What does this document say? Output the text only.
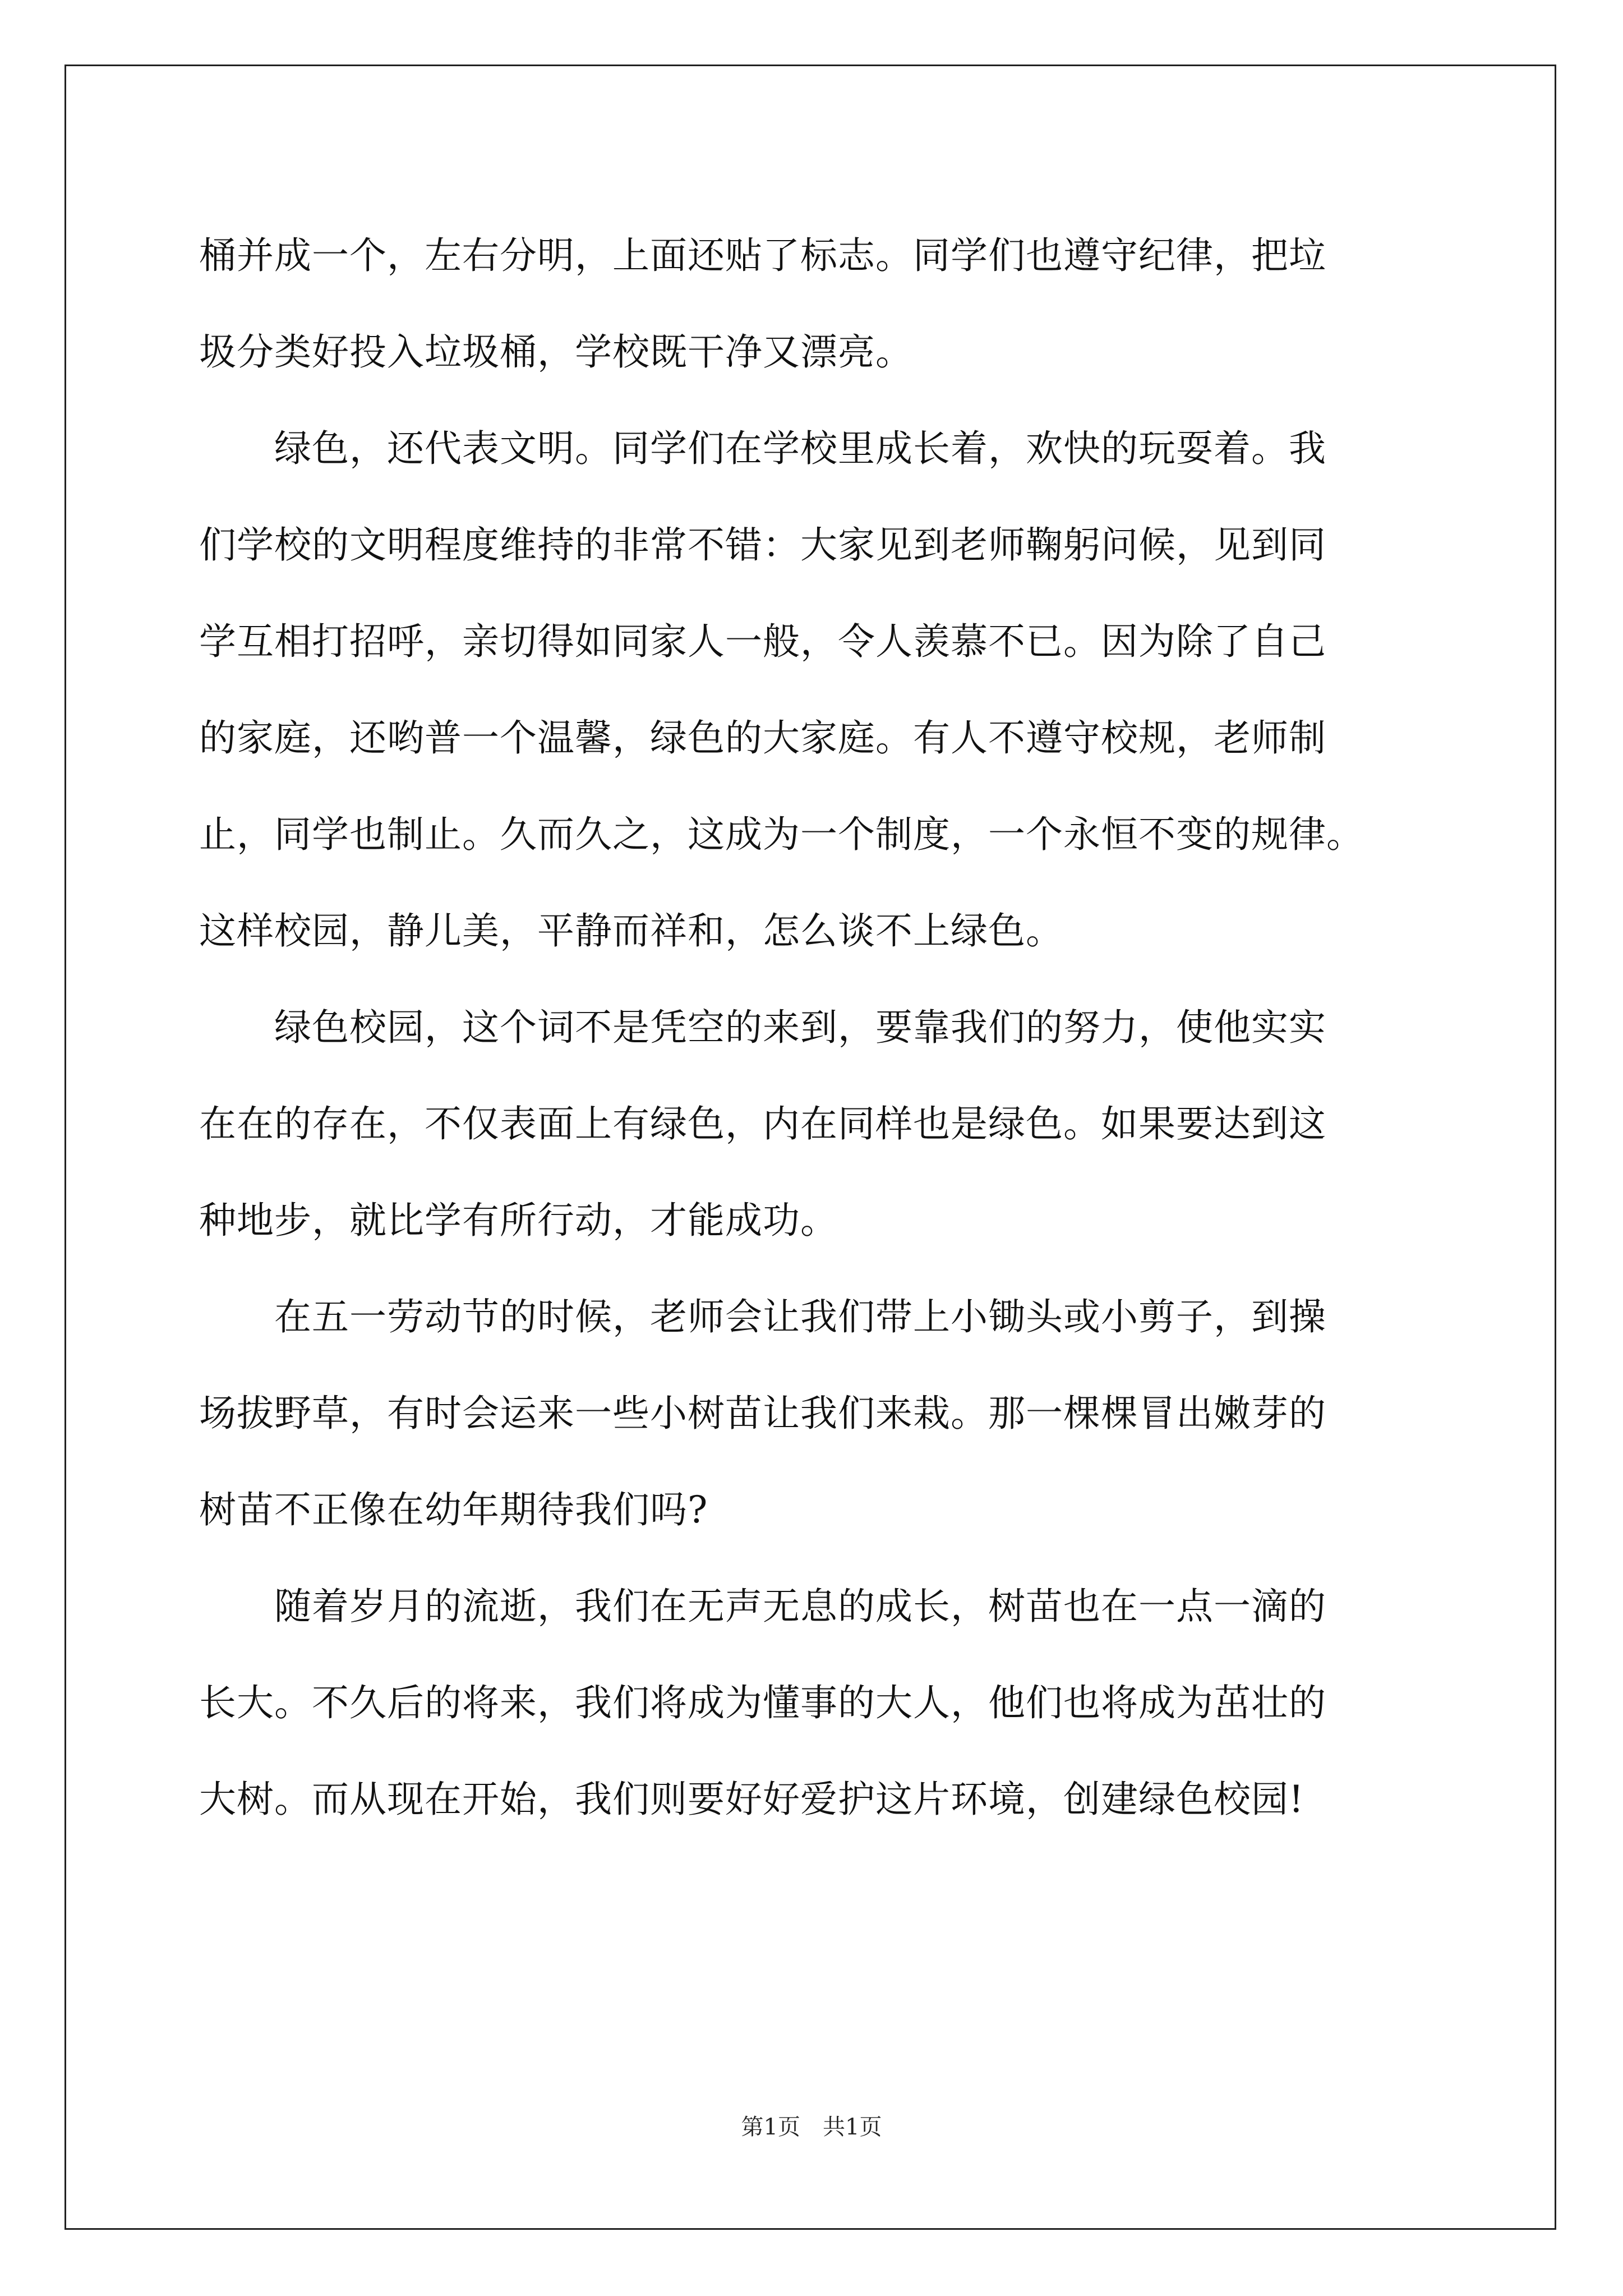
桶并成一个，左右分明，上面还贴了标志。同学们也遵守纪律，把垃
圾分类好投入垃圾桶，学校既干净又漂亮。
　　绿色，还代表文明。同学们在学校里成长着，欢快的玩耍着。我
们学校的文明程度维持的非常不错：大家见到老师鞠躬问候，见到同
学互相打招呼，亲切得如同家人一般，令人羡慕不已。因为除了自己
的家庭，还哟普一个温馨，绿色的大家庭。有人不遵守校规，老师制
止，同学也制止。久而久之，这成为一个制度，一个永恒不变的规律。
这样校园，静儿美，平静而祥和，怎么谈不上绿色。
　　绿色校园，这个词不是凭空的来到，要靠我们的努力，使他实实
在在的存在，不仅表面上有绿色，内在同样也是绿色。如果要达到这
种地步，就比学有所行动，才能成功。
　　在五一劳动节的时候，老师会让我们带上小锄头或小剪子，到操
场拔野草，有时会运来一些小树苗让我们来栽。那一棵棵冒出嫩芽的
树苗不正像在幼年期待我们吗?
　　随着岁月的流逝，我们在无声无息的成长，树苗也在一点一滴的
长大。不久后的将来，我们将成为懂事的大人，他们也将成为茁壮的
大树。而从现在开始，我们则要好好爱护这片环境，创建绿色校园!
第1页　共1页
